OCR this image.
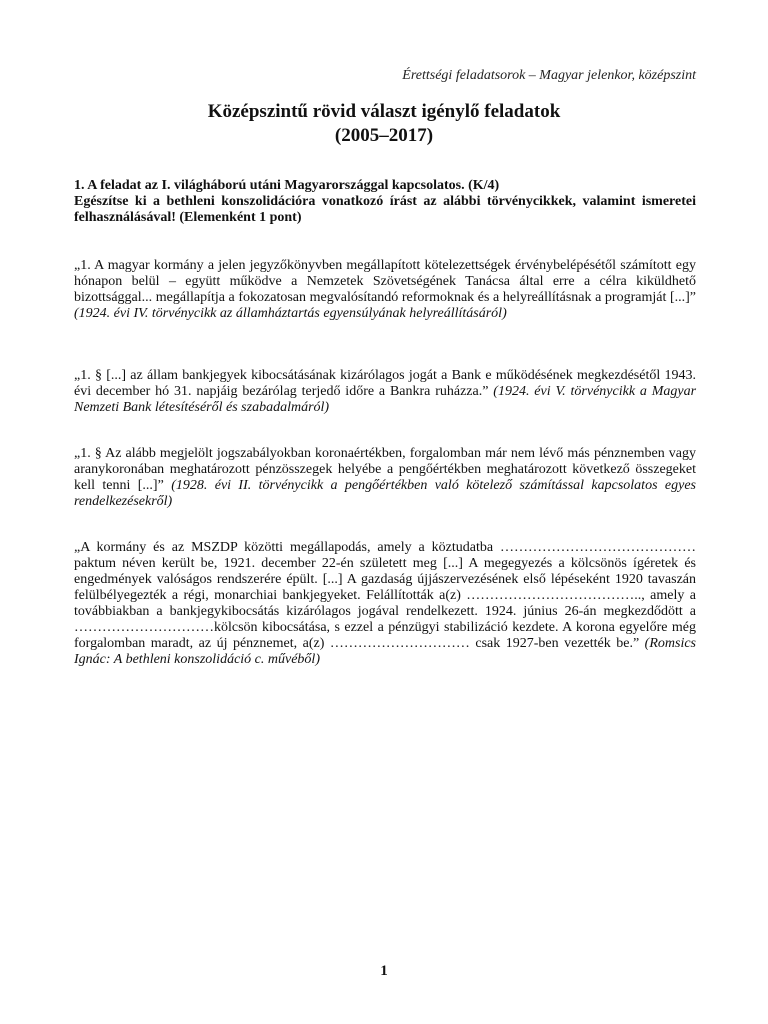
Érettségi feladatsorok – Magyar jelenkor, középszint
Középszintű rövid választ igénylő feladatok
(2005–2017)

1. A feladat az I. világháború utáni Magyarországgal kapcsolatos. (K/4)

Egészítse ki a bethleni konszolidációra vonatkozó írást az alábbi törvénycikkek, valamint ismeretei felhasználásával! (Elemenként 1 pont)

„1. A magyar kormány a jelen jegyzőkönyvben megállapított kötelezettségek érvénybelépésétől számított egy hónapon belül – együtt működve a Nemzetek Szövetségének Tanácsa által erre a célra kiküldhető bizottsággal... megállapítja a fokozatosan megvalósítandó reformoknak és a helyreállításnak a programját [...]” (1924. évi IV. törvénycikk az államháztartás egyensúlyának helyreállításáról)
„1. § [...] az állam bankjegyek kibocsátásának kizárólagos jogát a Bank e működésének megkezdésétől 1943. évi december hó 31. napjáig bezárólag terjedő időre a Bankra ruházza.” (1924. évi V. törvénycikk a Magyar Nemzeti Bank létesítéséről és szabadalmáról)
„1. § Az alább megjelölt jogszabályokban koronaértékben, forgalomban már nem lévő más pénznemben vagy aranykoronában meghatározott pénzösszegek helyébe a pengőértékben meghatározott következő összegeket kell tenni [...]” (1928. évi II. törvénycikk a pengőértékben való kötelező számítással kapcsolatos egyes rendelkezésekről)
„A kormány és az MSZDP közötti megállapodás, amely a köztudatba …………………………………… paktum néven került be, 1921. december 22-én született meg [...] A megegyezés a kölcsönös ígéretek és engedmények valóságos rendszerére épült. [...] A gazdaság újjászervezésének első lépéseként 1920 tavaszán felülbélyegezték a régi, monarchiai bankjegyeket. Felállították a(z) ……………………………….., amely a továbbiakban a bankjegykibocsátás kizárólagos jogával rendelkezett. 1924. június 26-án megkezdődött a …………………………kölcsön kibocsátása, s ezzel a pénzügyi stabilizáció kezdete. A korona egyelőre még forgalomban maradt, az új pénznemet, a(z) ………………………… csak 1927-ben vezették be.” (Romsics Ignác: A bethleni konszolidáció c. művéből)
1
